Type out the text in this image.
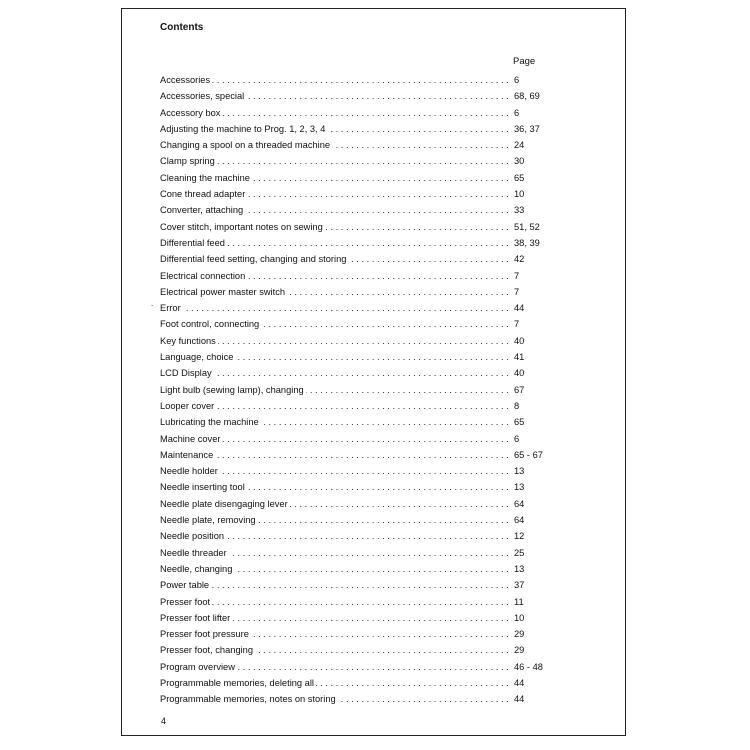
Contents
Page
.
. . .
Accessories	6
. . .
Accessories, special	68, 69
. . .
Accessory box	6
. . .
Adjusting the machine to Prog. 1, 2, 3, 4	36, 37
. . .
Changing a spool on a threaded machine	24
. . .
Clamp spring	30
. . .
Cleaning the machine	65
. . .
Cone thread adapter	10
. . .
Converter, attaching	33
. . .
Cover stitch, important notes on sewing	51, 52
. . .
Differential feed	38, 39
. . .
Differential feed setting, changing and storing	42
. . .
Electrical connection	7
. . .
Electrical power master switch	7
. . .
Error	44
. . .
Foot control, connecting	7
. . .
Key functions	40
. . .
Language, choice	41
. . .
LCD Display	40
. . .
Light bulb (sewing lamp), changing	67
. . .
Looper cover	8
. . .
Lubricating the machine	65
. . .
Machine cover	6
. . .
Maintenance	65 - 67
. . .
Needle holder	13
. . .
Needle inserting tool	13
. . .
Needle plate disengaging lever	64
. . .
Needle plate, removing	64
. . .
Needle position	12
. . .
Needle threader	25
. . .
Needle, changing	13
. . .
Power table	37
. . .
Presser foot	11
. . .
Presser foot lifter	10
. . .
Presser foot pressure	29
. . .
Presser foot, changing	29
. . .
Program overview	46 - 48
. . .
Programmable memories, deleting all	44
. . .
Programmable memories, notes on storing	44
4
